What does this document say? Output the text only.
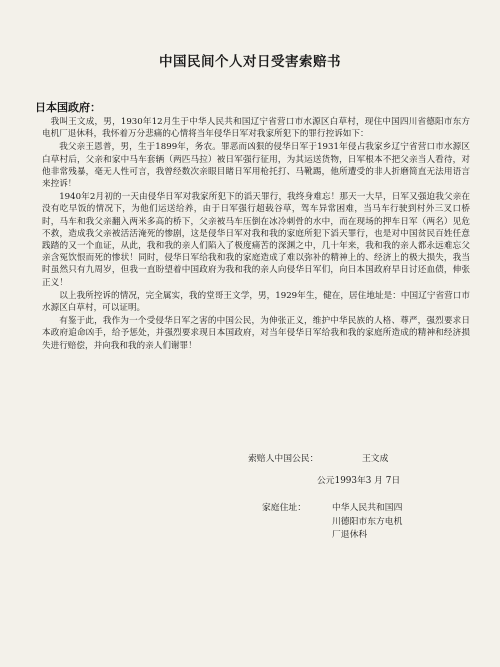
中国民间个人对日受害索赔书
日本国政府：

我叫王文成，男，1930年12月生于中华人民共和国辽宁省营口市水源区白草村，现住中国四川省德阳市东方电机厂退休科，我怀着万分悲痛的心情将当年侵华日军对我家所犯下的罪行控诉如下：

我父亲王恩普，男，生于1899年，务农。罪恶而凶狠的侵华日军于1931年侵占我家乡辽宁省营口市水源区白草村后，父亲和家中马车套辆（两匹马拉）被日军强行征用，为其运送货物，日军根本不把父亲当人看待，对他非常残暴，毫无人性可言，我曾经数次亲眼目睹日军用枪托打、马靴踢，他所遭受的非人折磨简直无法用语言来控诉！

1940年2月初的一天由侵华日军对我家所犯下的滔天罪行，我终身难忘！那天一大早，日军又强迫我父亲在没有吃早饭的情况下，为他们运送给养，由于日军强行超载谷草，驾车异常困难，当马车行驶到村外三叉口桥时，马车和我父亲翻入两米多高的桥下，父亲被马车压倒在冰冷刺骨的水中，而在现场的押车日军（两名）见危不救，造成我父亲被活活淹死的惨剧，这是侵华日军对我和我的家庭所犯下滔天罪行，也是对中国贫民百姓任意践踏的又一个血证，从此，我和我的亲人们陷入了极度痛苦的深渊之中，几十年来，我和我的亲人都永远难忘父亲含冤饮恨而死的惨状！同时，侵华日军给我和我的家庭造成了难以弥补的精神上的、经济上的极大损失，我当时虽然只有九周岁，但我一直盼望着中国政府为我和我的亲人向侵华日军们，向日本国政府早日讨还血债，伸张正义！

以上我所控诉的情况，完全属实，我的堂哥王文学，男，1929年生，健在，居住地址是：中国辽宁省营口市水源区白草村，可以证明。

有鉴于此，我作为一个受侵华日军之害的中国公民，为伸张正义，维护中华民族的人格、尊严，强烈要求日本政府追命凶手，给予惩处，并强烈要求现日本国政府，对当年侵华日军给我和我的家庭所造成的精神和经济损失进行赔偿，并向我和我的亲人们谢罪！

索赔人中国公民：	王文成
公元1993年3 月 7日
家庭住址：	中华人民共和国四
川德阳市东方电机
厂退休科
